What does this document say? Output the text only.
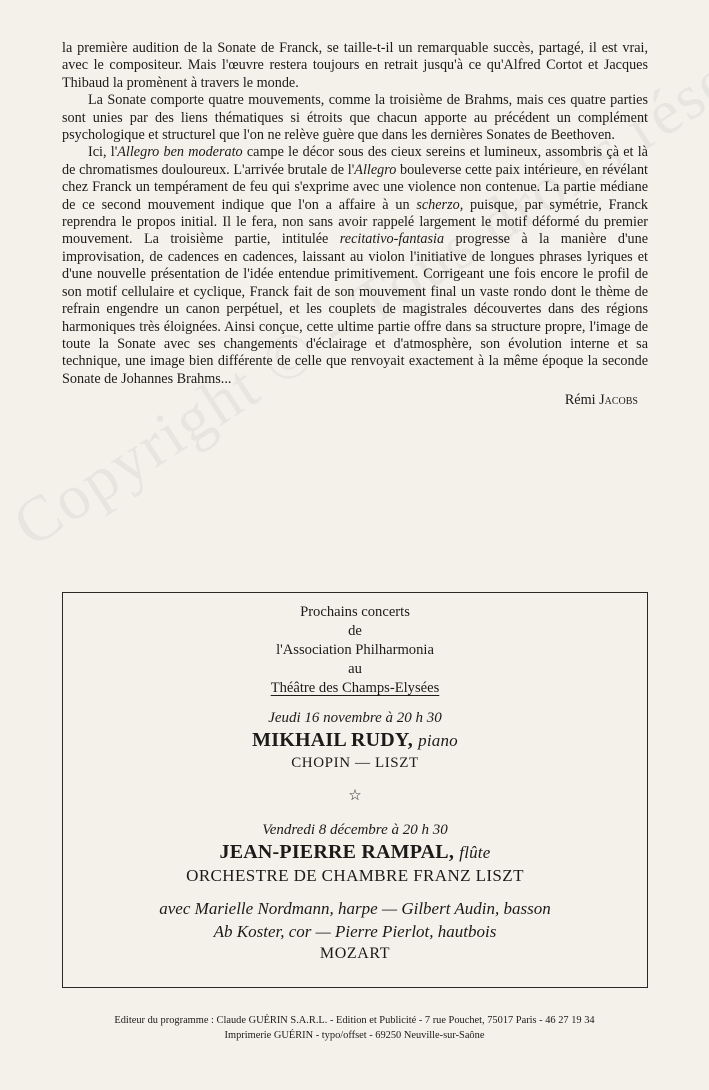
la première audition de la Sonate de Franck, se taille-t-il un remarquable succès, partagé, il est vrai, avec le compositeur. Mais l'œuvre restera toujours en retrait jusqu'à ce qu'Alfred Cortot et Jacques Thibaud la promènent à travers le monde.

La Sonate comporte quatre mouvements, comme la troisième de Brahms, mais ces quatre parties sont unies par des liens thématiques si étroits que chacun apporte au précédent un complément psychologique et structurel que l'on ne relève guère que dans les dernières Sonates de Beethoven.

Ici, l'Allegro ben moderato campe le décor sous des cieux sereins et lumineux, assombris çà et là de chromatismes douloureux. L'arrivée brutale de l'Allegro bouleverse cette paix intérieure, en révélant chez Franck un tempérament de feu qui s'exprime avec une violence non contenue. La partie médiane de ce second mouvement indique que l'on a affaire à un scherzo, puisque, par symétrie, Franck reprendra le propos initial. Il le fera, non sans avoir rappelé largement le motif déformé du premier mouvement. La troisième partie, intitulée recitativo-fantasia progresse à la manière d'une improvisation, de cadences en cadences, laissant au violon l'initiative de longues phrases lyriques et d'une nouvelle présentation de l'idée entendue primitivement. Corrigeant une fois encore le profil de son motif cellulaire et cyclique, Franck fait de son mouvement final un vaste rondo dont le thème de refrain engendre un canon perpétuel, et les couplets de magistrales découvertes dans des régions harmoniques très éloignées. Ainsi conçue, cette ultime partie offre dans sa structure propre, l'image de toute la Sonate avec ses changements d'éclairage et d'atmosphère, son évolution interne et sa technique, une image bien différente de celle que renvoyait exactement à la même époque la seconde Sonate de Johannes Brahms...

Rémi Jacobs
Prochains concerts
de
l'Association Philharmonia
au
Théâtre des Champs-Elysées
Jeudi 16 novembre à 20 h 30
MIKHAIL RUDY, piano
CHOPIN — LISZT
☆
Vendredi 8 décembre à 20 h 30
JEAN-PIERRE RAMPAL, flûte
ORCHESTRE DE CHAMBRE FRANZ LISZT
avec Marielle Nordmann, harpe — Gilbert Audin, basson
Ab Koster, cor — Pierre Pierlot, hautbois
MOZART
Editeur du programme : Claude GUÉRIN S.A.R.L. - Edition et Publicité - 7 rue Pouchet, 75017 Paris - 46 27 19 34
Imprimerie GUÉRIN - typo/offset - 69250 Neuville-sur-Saône
